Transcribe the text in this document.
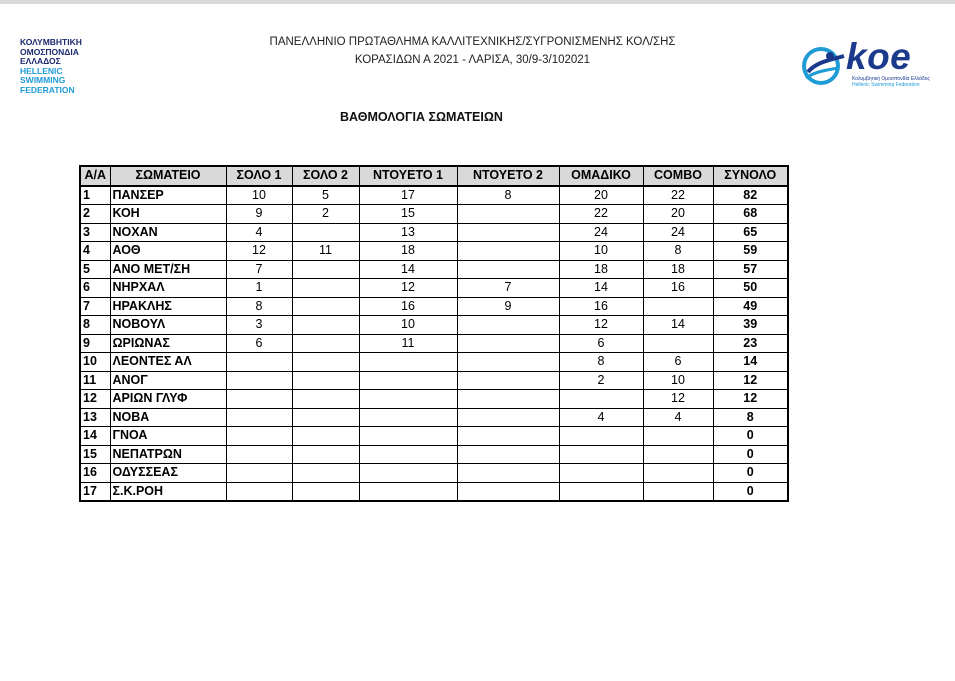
ΚΟΛΥΜΒΗΤΙΚΗ
ΟΜΟΣΠΟΝΔΙΑ
ΕΛΛΑΔΟΣ
HELLENIC
SWIMMING
FEDERATION
ΠΑΝΕΛΛΗΝΙΟ ΠΡΩΤΑΘΛΗΜΑ ΚΑΛΛΙΤΕΧΝΙΚΗΣ/ΣΥΓΡΟΝΙΣΜΕΝΗΣ ΚΟΛ/ΣΗΣ
ΚΟΡΑΣΙΔΩΝ Α 2021 - ΛΑΡΙΣΑ, 30/9-3/102021	koe
Κολυμβητική Ομοσπονδία Ελλάδος
Hellenic Swimming Federation
ΒΑΘΜΟΛΟΓΙΑ ΣΩΜΑΤΕΙΩΝ
Α/Α	ΣΩΜΑΤΕΙΟ	ΣΟΛΟ 1	ΣΟΛΟ 2	ΝΤΟΥΕΤΟ 1	ΝΤΟΥΕΤΟ 2	ΟΜΑΔΙΚΟ	COMBO	ΣΥΝΟΛΟ
1	ΠΑΝΣΕΡ	10	5	17	8	20	22	82
2	ΚΟΗ	9	2	15		22	20	68
3	ΝΟΧΑΝ	4		13		24	24	65
4	ΑΟΘ	12	11	18		10	8	59
5	ΑΝΟ ΜΕΤ/ΣΗ	7		14		18	18	57
6	ΝΗΡΧΑΛ	1		12	7	14	16	50
7	ΗΡΑΚΛΗΣ	8		16	9	16		49
8	ΝΟΒΟΥΛ	3		10		12	14	39
9	ΩΡΙΩΝΑΣ	6		11		6		23
10	ΛΕΟΝΤΕΣ ΑΛ					8	6	14
11	ΑΝΟΓ					2	10	12
12	ΑΡΙΩΝ ΓΛΥΦ						12	12
13	ΝΟΒΑ					4	4	8
14	ΓΝΟΑ							0
15	ΝΕΠΑΤΡΩΝ							0
16	ΟΔΥΣΣΕΑΣ							0
17	Σ.Κ.ΡΟΗ							0
